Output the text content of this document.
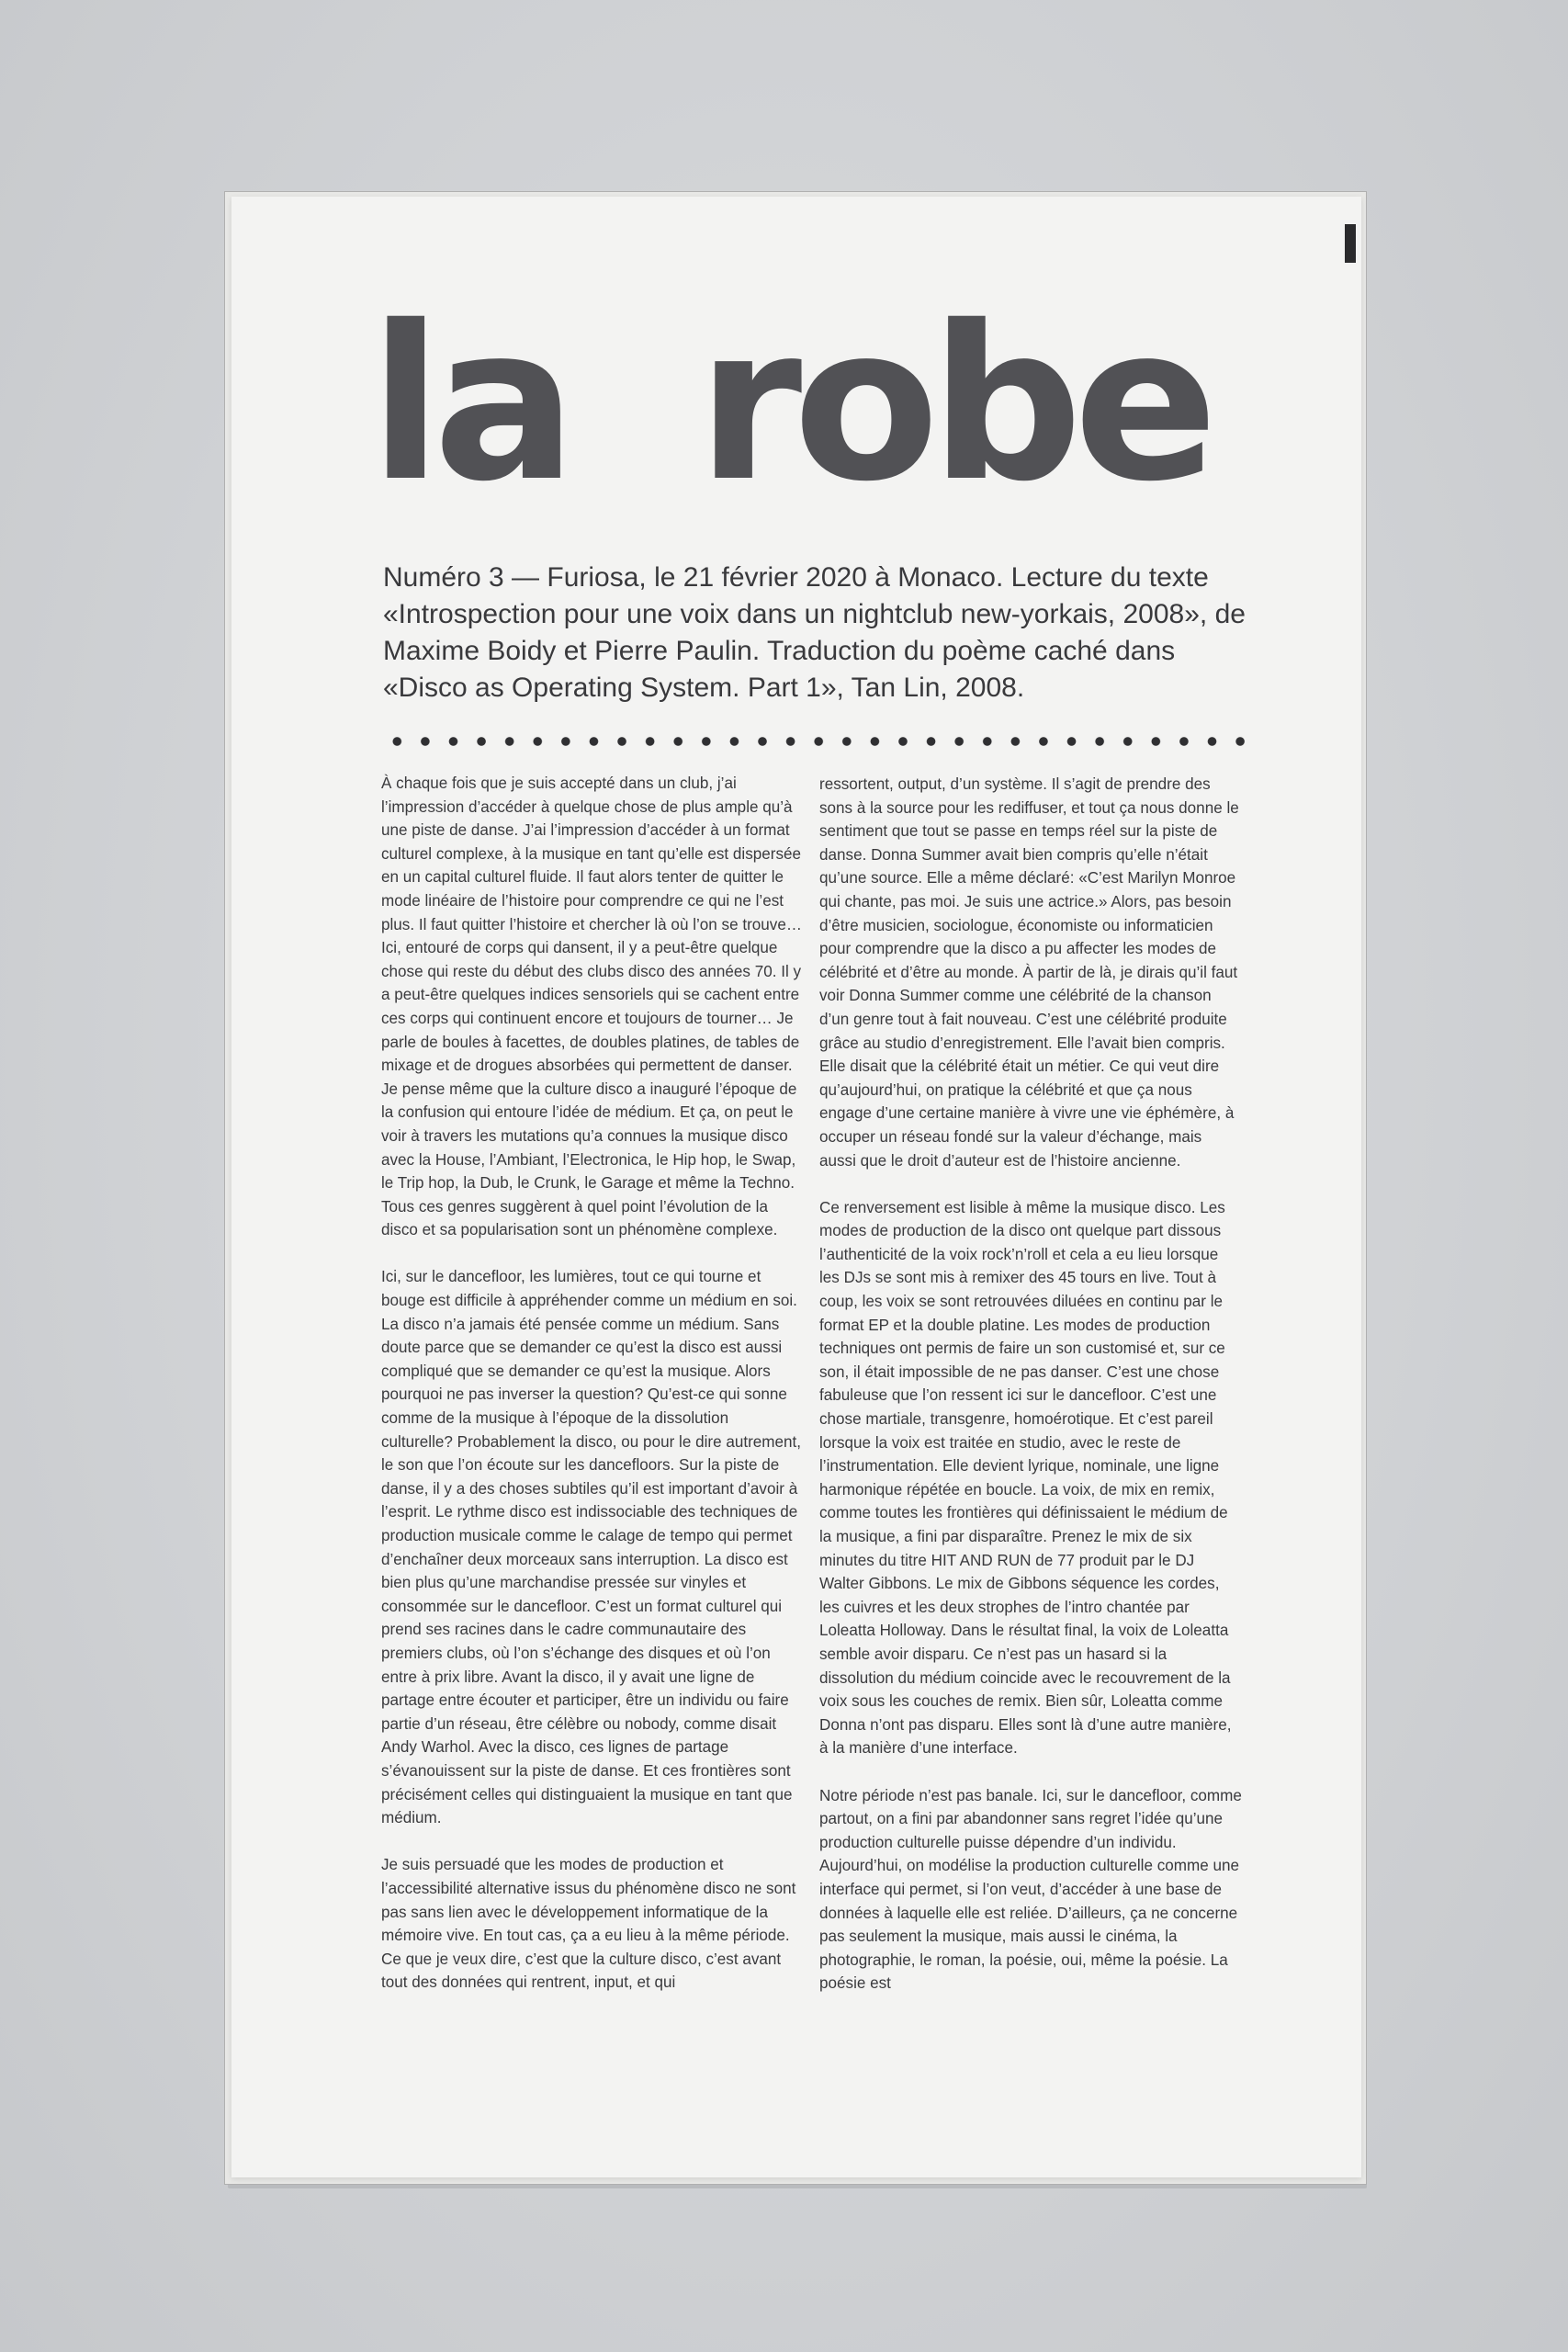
la robe

Numéro 3 — Furiosa, le 21 février 2020 à Monaco. Lecture du texte «Introspection pour une voix dans un nightclub new-yorkais, 2008», de Maxime Boidy et Pierre Paulin. Traduction du poème caché dans «Disco as Operating System. Part 1», Tan Lin, 2008.

À chaque fois que je suis accepté dans un club, j’ai l’impression d’accéder à quelque chose de plus ample qu’à une piste de danse. J’ai l’impression d’accéder à un format culturel complexe, à la musique en tant qu’elle est dispersée en un capital culturel fluide. Il faut alors tenter de quitter le mode linéaire de l’histoire pour comprendre ce qui ne l’est plus. Il faut quitter l’histoire et chercher là où l’on se trouve… Ici, entouré de corps qui dansent, il y a peut-être quelque chose qui reste du début des clubs disco des années 70. Il y a peut-être quelques indices sensoriels qui se cachent entre ces corps qui continuent encore et toujours de tourner… Je parle de boules à facettes, de doubles platines, de tables de mixage et de drogues absorbées qui permettent de danser. Je pense même que la culture disco a inauguré l’époque de la confusion qui entoure l’idée de médium. Et ça, on peut le voir à travers les mutations qu’a connues la musique disco avec la House, l’Ambiant, l’Electronica, le Hip hop, le Swap, le Trip hop, la Dub, le Crunk, le Garage et même la Techno. Tous ces genres suggèrent à quel point l’évolution de la disco et sa popularisation sont un phénomène complexe.

Ici, sur le dancefloor, les lumières, tout ce qui tourne et bouge est difficile à appréhender comme un médium en soi. La disco n’a jamais été pensée comme un médium. Sans doute parce que se demander ce qu’est la disco est aussi compliqué que se demander ce qu’est la musique. Alors pourquoi ne pas inverser la question? Qu’est-ce qui sonne comme de la musique à l’époque de la dissolution culturelle? Probablement la disco, ou pour le dire autrement, le son que l’on écoute sur les dancefloors. Sur la piste de danse, il y a des choses subtiles qu’il est important d’avoir à l’esprit. Le rythme disco est indissociable des techniques de production musicale comme le calage de tempo qui permet d’enchaîner deux morceaux sans interruption. La disco est bien plus qu’une marchandise pressée sur vinyles et consommée sur le dancefloor. C’est un format culturel qui prend ses racines dans le cadre communautaire des premiers clubs, où l’on s’échange des disques et où l’on entre à prix libre. Avant la disco, il y avait une ligne de partage entre écouter et participer, être un individu ou faire partie d’un réseau, être célèbre ou nobody, comme disait Andy Warhol. Avec la disco, ces lignes de partage s’évanouissent sur la piste de danse. Et ces frontières sont précisément celles qui distinguaient la musique en tant que médium.

Je suis persuadé que les modes de production et l’accessibilité alternative issus du phénomène disco ne sont pas sans lien avec le développement informatique de la mémoire vive. En tout cas, ça a eu lieu à la même période. Ce que je veux dire, c’est que la culture disco, c’est avant tout des données qui rentrent, input, et qui

ressortent, output, d’un système. Il s’agit de prendre des sons à la source pour les rediffuser, et tout ça nous donne le sentiment que tout se passe en temps réel sur la piste de danse. Donna Summer avait bien compris qu’elle n’était qu’une source. Elle a même déclaré: «C’est Marilyn Monroe qui chante, pas moi. Je suis une actrice.» Alors, pas besoin d’être musicien, sociologue, économiste ou informaticien pour comprendre que la disco a pu affecter les modes de célébrité et d’être au monde. À partir de là, je dirais qu’il faut voir Donna Summer comme une célébrité de la chanson d’un genre tout à fait nouveau. C’est une célébrité produite grâce au studio d’enregistrement. Elle l’avait bien compris. Elle disait que la célébrité était un métier. Ce qui veut dire qu’aujourd’hui, on pratique la célébrité et que ça nous engage d’une certaine manière à vivre une vie éphémère, à occuper un réseau fondé sur la valeur d’échange, mais aussi que le droit d’auteur est de l’histoire ancienne.

Ce renversement est lisible à même la musique disco. Les modes de production de la disco ont quelque part dissous l’authenticité de la voix rock’n’roll et cela a eu lieu lorsque les DJs se sont mis à remixer des 45 tours en live. Tout à coup, les voix se sont retrouvées diluées en continu par le format EP et la double platine. Les modes de production techniques ont permis de faire un son customisé et, sur ce son, il était impossible de ne pas danser. C’est une chose fabuleuse que l’on ressent ici sur le dancefloor. C’est une chose martiale, transgenre, homoérotique. Et c’est pareil lorsque la voix est traitée en studio, avec le reste de l’instrumentation. Elle devient lyrique, nominale, une ligne harmonique répétée en boucle. La voix, de mix en remix, comme toutes les frontières qui définissaient le médium de la musique, a fini par disparaître. Prenez le mix de six minutes du titre HIT AND RUN de 77 produit par le DJ Walter Gibbons. Le mix de Gibbons séquence les cordes, les cuivres et les deux strophes de l’intro chantée par Loleatta Holloway. Dans le résultat final, la voix de Loleatta semble avoir disparu. Ce n’est pas un hasard si la dissolution du médium coincide avec le recouvrement de la voix sous les couches de remix. Bien sûr, Loleatta comme Donna n’ont pas disparu. Elles sont là d’une autre manière, à la manière d’une interface.

Notre période n’est pas banale. Ici, sur le dancefloor, comme partout, on a fini par abandonner sans regret l’idée qu’une production culturelle puisse dépendre d’un individu. Aujourd’hui, on modélise la production culturelle comme une interface qui permet, si l’on veut, d’accéder à une base de données à laquelle elle est reliée. D’ailleurs, ça ne concerne pas seulement la musique, mais aussi le cinéma, la photographie, le roman, la poésie, oui, même la poésie. La poésie est
